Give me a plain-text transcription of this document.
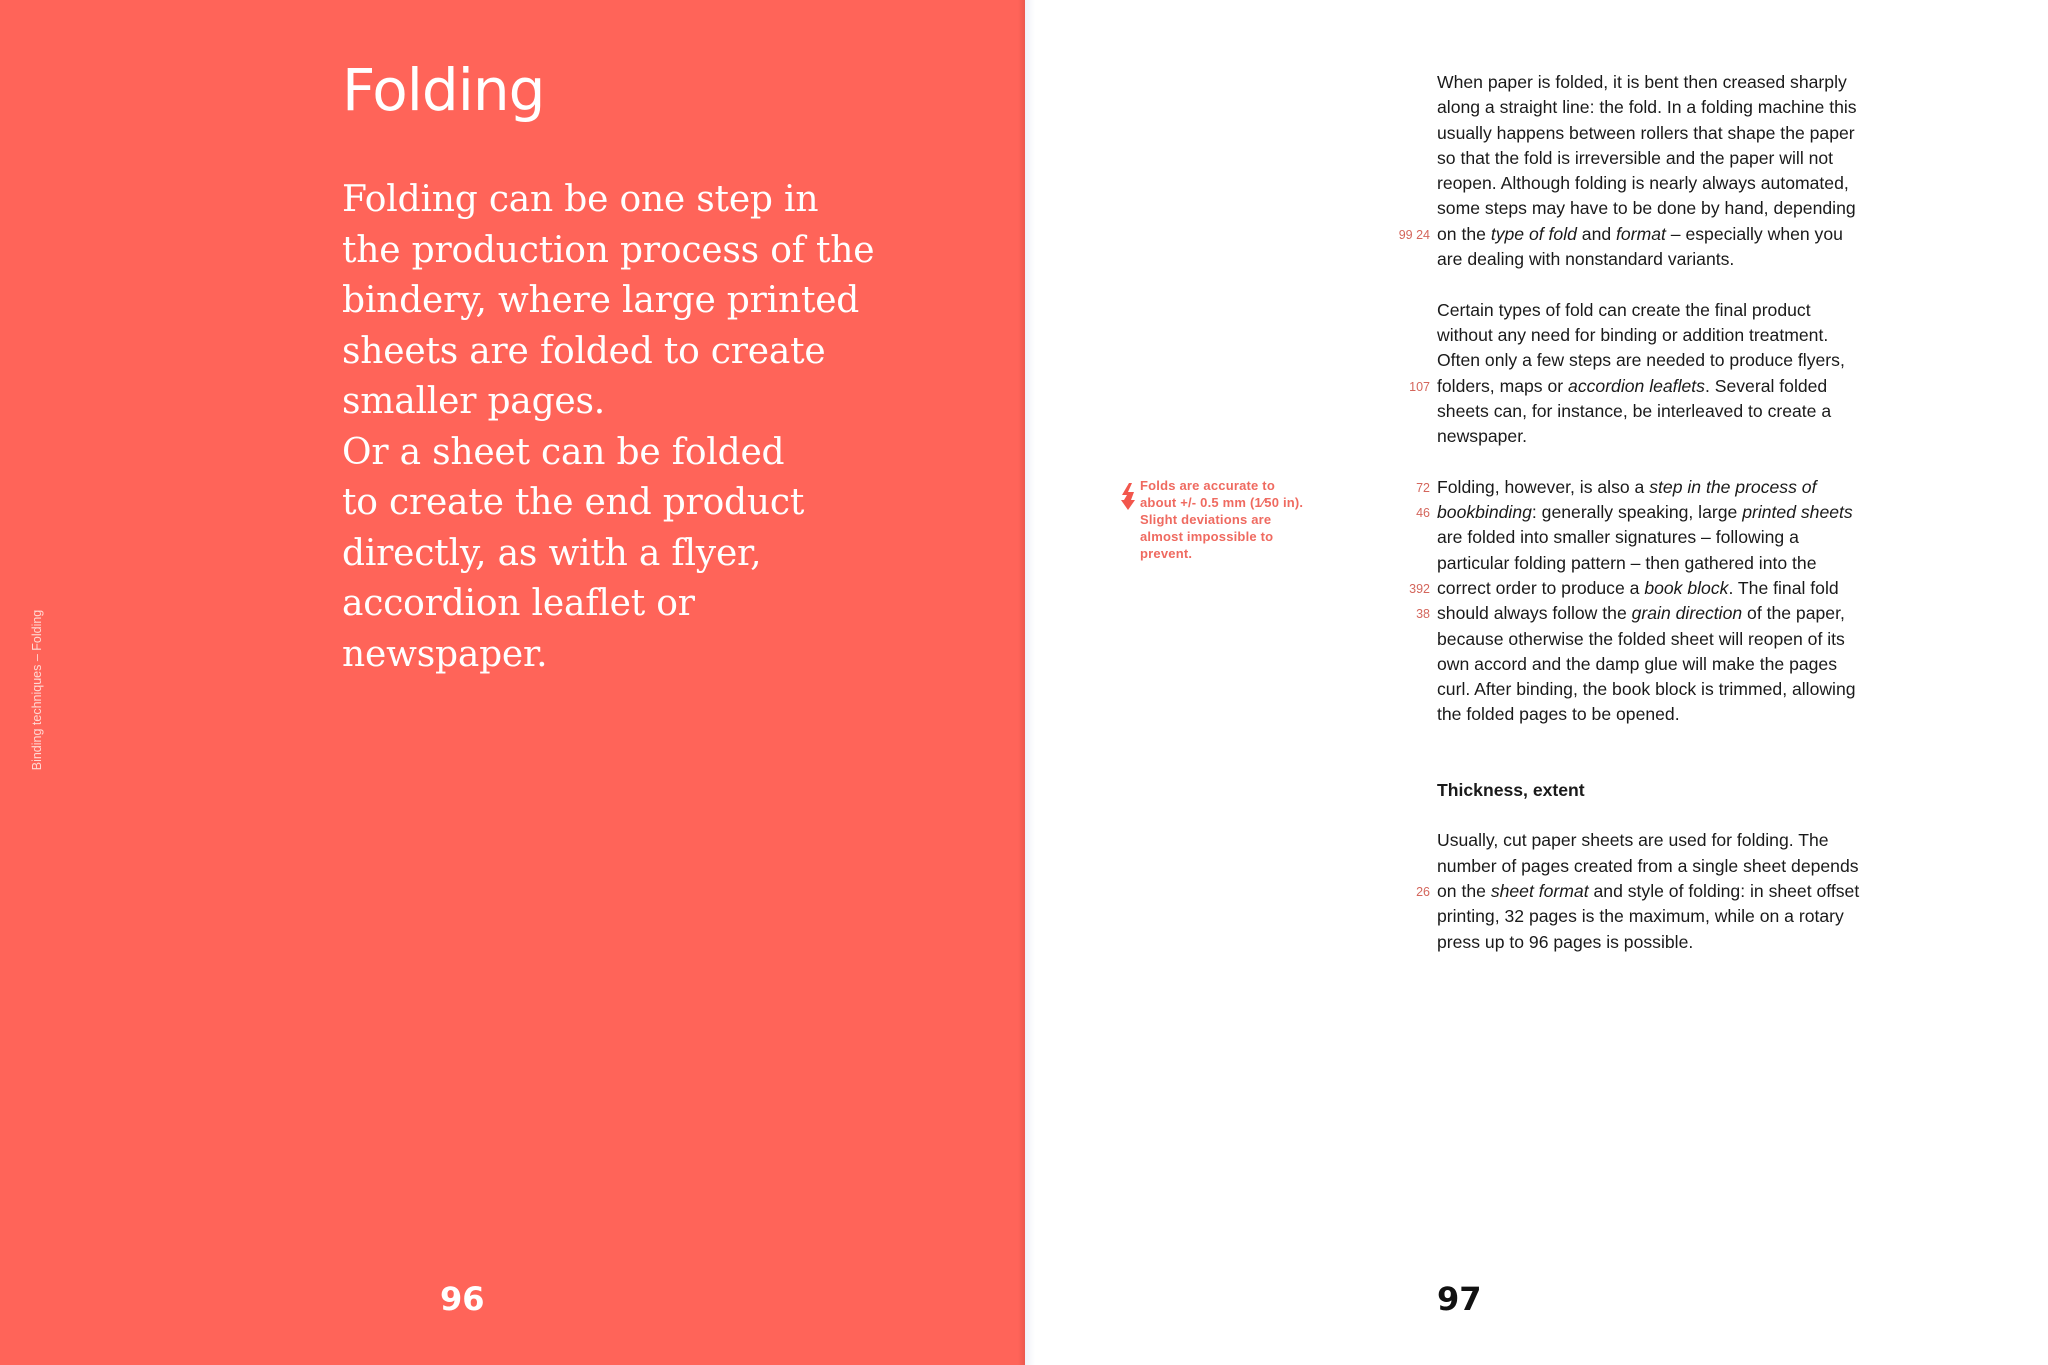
Binding techniques – Folding
Folding

Folding can be one step in
the production process of the
bindery, where large printed
sheets are folded to create
smaller pages.
Or a sheet can be folded
to create the end product
directly, as with a flyer,
accordion leaflet or
newspaper.

96
Folds are accurate to
about +/- 0.5 mm (1⁄50 in).
Slight deviations are
almost impossible to
prevent.

When paper is folded, it is bent then creased sharply
along a straight line: the fold. In a folding machine this
usually happens between rollers that shape the paper
so that the fold is irreversible and the paper will not
reopen. Although folding is nearly always automated,
some steps may have to be done by hand, depending
99 24 on the type of fold and format – especially when you
are dealing with nonstandard variants.

Certain types of fold can create the final product
without any need for binding or addition treatment.
Often only a few steps are needed to produce flyers,
107 folders, maps or accordion leaflets. Several folded
sheets can, for instance, be interleaved to create a
newspaper.

72 Folding, however, is also a step in the process of
46 bookbinding: generally speaking, large printed sheets
are folded into smaller signatures – following a
particular folding pattern – then gathered into the
392 correct order to produce a book block. The final fold
38 should always follow the grain direction of the paper,
because otherwise the folded sheet will reopen of its
own accord and the damp glue will make the pages
curl. After binding, the book block is trimmed, allowing
the folded pages to be opened.

Thickness, extent

Usually, cut paper sheets are used for folding. The
number of pages created from a single sheet depends
26 on the sheet format and style of folding: in sheet offset
printing, 32 pages is the maximum, while on a rotary
press up to 96 pages is possible.

97
